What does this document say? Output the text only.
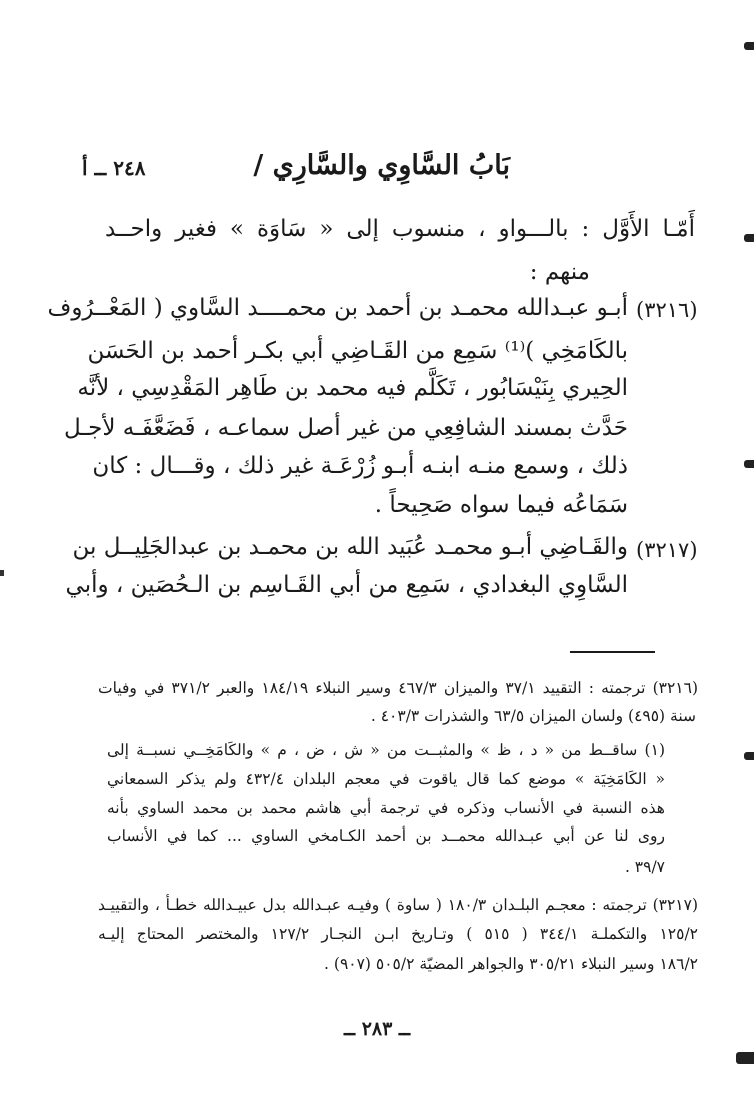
بَابُ السَّاوِي والسَّارِي /
٢٤٨ ــ أ
أَمّـا الأَوَّل : بالـــواو ، منسوب إلى « سَاوَة » فغير واحــد
منهم :
(٣٢١٦)
أبـو عبـدالله محمـد بن أحمد بن محمــــد السَّاوي ( المَعْــرُوف
بالكَامَخِي )⁽¹⁾ سَمِع من القَـاضِي أبي بكـر أحمد بن الحَسَن
الحِيري بِنَيْسَابُور ، تَكَلَّم فيه محمد بن طَاهِر المَقْدِسِي ، لأنَّه
حَدَّث بمسند الشافِعِي من غير أصل سماعـه ، فَضَعَّفَـه لأجـل
ذلك ، وسمع منـه ابنـه أبـو زُرْعَـة غير ذلك ، وقـــال : كان
سَمَاعُه فيما سواه صَحِيحاً .
(٣٢١٧)
والقَـاضِي أبـو محمـد عُبَيد الله بن محمـد بن عبدالجَلِيــل بن
السَّاوِي البغدادي ، سَمِع من أبي القَـاسِم بن الـحُصَين ، وأبي
(٣٢١٦) ترجمته : التقييد ٣٧/١ والميزان ٤٦٧/٣ وسير النبلاء ١٨٤/١٩ والعبر ٣٧١/٢ في وفيات
سنة (٤٩٥) ولسان الميزان ٦٣/٥ والشذرات ٤٠٣/٣ .
(١) ساقــط من « د ، ظ » والمثبــت من « ش ، ض ، م » والكَامَخِــي نسبــة إلى
« الكَامَخِيَة » موضع كما قال ياقوت في معجم البلدان ٤٣٢/٤ ولم يذكر السمعاني
هذه النسبة في الأنساب وذكره في ترجمة أبي هاشم محمد بن محمد الساوي بأنه
روى لنا عن أبي عبـدالله محمــد بن أحمد الكـامخي الساوي ... كما في الأنساب
٣٩/٧ .
(٣٢١٧) ترجمته : معجـم البلـدان ١٨٠/٣ ( ساوة ) وفيـه عبـدالله بدل عبيـدالله خطـأ ، والتقييـد
١٢٥/٢ والتكملـة ٣٤٤/١ ( ٥١٥ ) وتـاريخ ابـن النجـار ١٢٧/٢ والمختصر المحتاج إليـه
١٨٦/٢ وسير النبلاء ٣٠٥/٢١ والجواهر المضيّة ٥٠٥/٢ (٩٠٧) .
ــ ٢٨٣ ــ
